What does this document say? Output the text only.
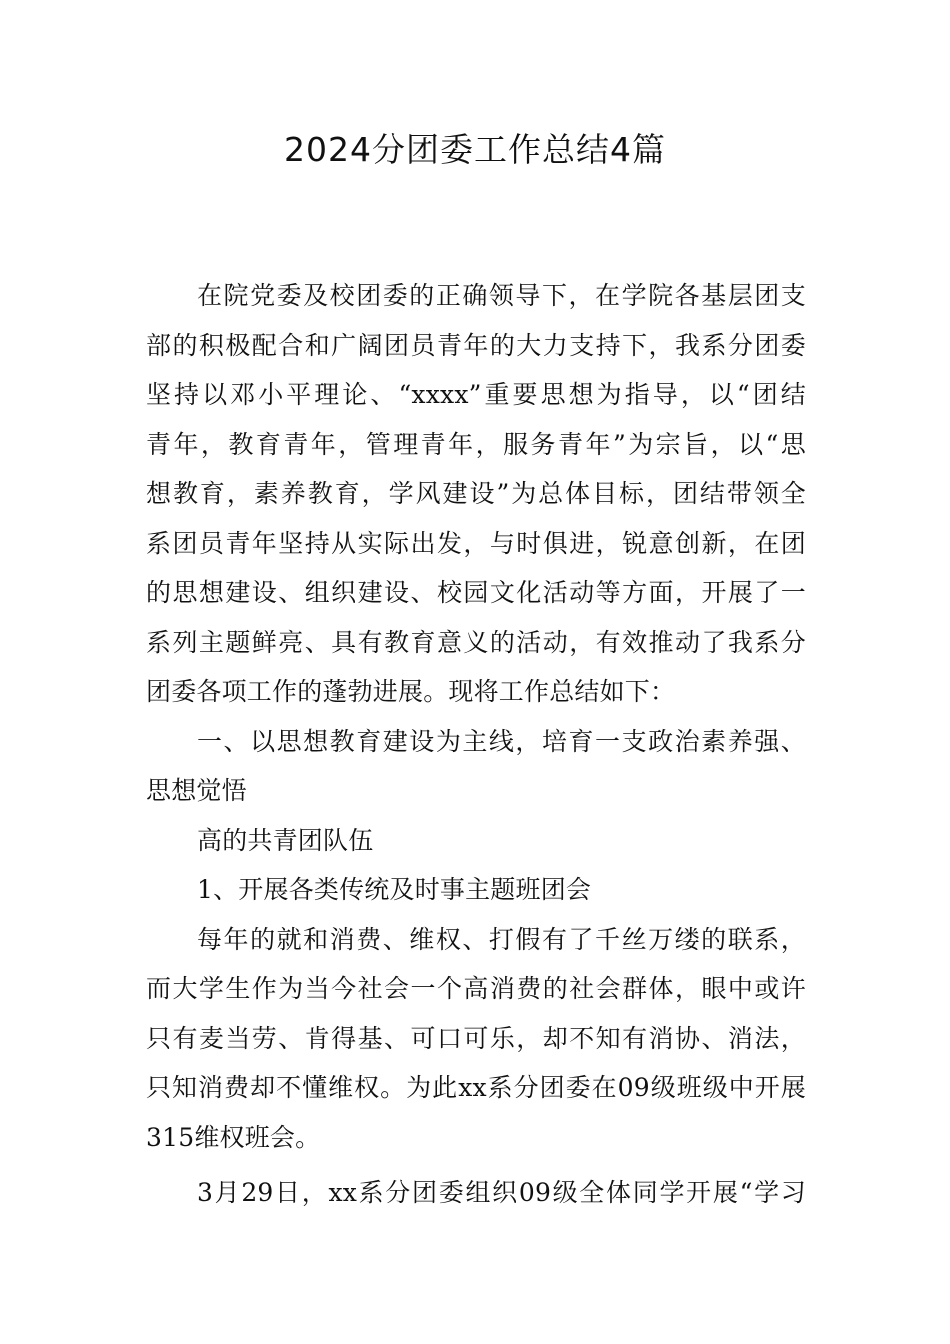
2024分团委工作总结4篇

在院党委及校团委的正确领导下，在学院各基层团支

部的积极配合和广阔团员青年的大力支持下，我系分团委

坚持以邓小平理论、“xxxx”重要思想为指导，以“团结

青年，教育青年，管理青年，服务青年”为宗旨，以“思

想教育，素养教育，学风建设”为总体目标，团结带领全

系团员青年坚持从实际出发，与时俱进，锐意创新，在团

的思想建设、组织建设、校园文化活动等方面，开展了一

系列主题鲜亮、具有教育意义的活动，有效推动了我系分

团委各项工作的蓬勃进展。现将工作总结如下：

一、以思想教育建设为主线，培育一支政治素养强、

思想觉悟

高的共青团队伍

1、开展各类传统及时事主题班团会

每年的就和消费、维权、打假有了千丝万缕的联系，

而大学生作为当今社会一个高消费的社会群体，眼中或许

只有麦当劳、肯得基、可口可乐，却不知有消协、消法，

只知消费却不懂维权。为此xx系分团委在09级班级中开展

315维权班会。

3月29日，xx系分团委组织09级全体同学开展“学习
